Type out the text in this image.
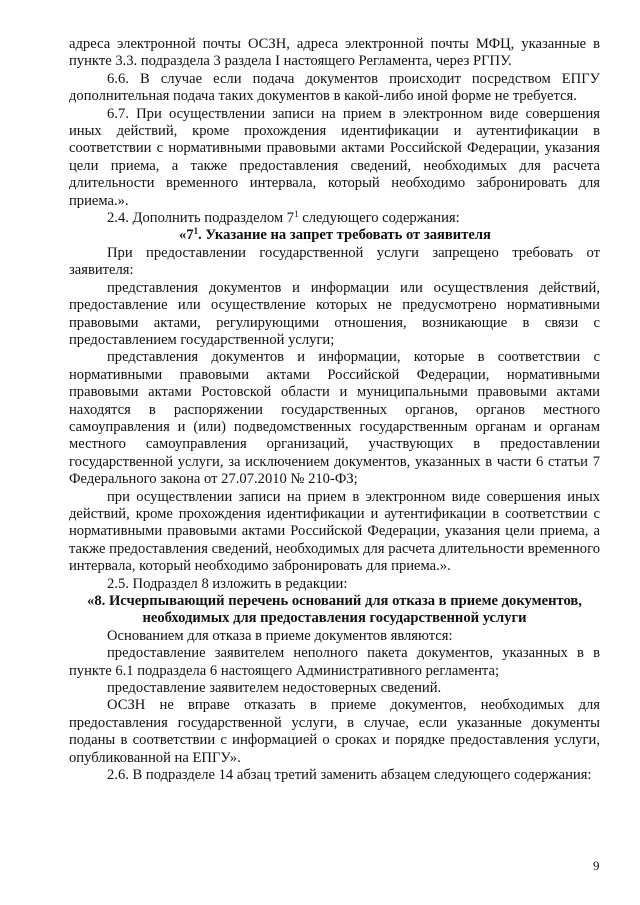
адреса электронной почты ОСЗН, адреса электронной почты МФЦ, указанные в пункте 3.3. подраздела 3 раздела I настоящего Регламента, через РГПУ.

6.6. В случае если подача документов происходит посредством ЕПГУ дополнительная подача таких документов в какой-либо иной форме не требуется.

6.7. При осуществлении записи на прием в электронном виде совершения иных действий, кроме прохождения идентификации и аутентификации в соответствии с нормативными правовыми актами Российской Федерации, указания цели приема, а также предоставления сведений, необходимых для расчета длительности временного интервала, который необходимо забронировать для приема.».

2.4. Дополнить подразделом $7^1$ следующего содержания:

«$7^1$. Указание на запрет требовать от заявителя

При предоставлении государственной услуги запрещено требовать от заявителя:

представления документов и информации или осуществления действий, предоставление или осуществление которых не предусмотрено нормативными правовыми актами, регулирующими отношения, возникающие в связи с предоставлением государственной услуги;

представления документов и информации, которые в соответствии с нормативными правовыми актами Российской Федерации, нормативными правовыми актами Ростовской области и муниципальными правовыми актами находятся в распоряжении государственных органов, органов местного самоуправления и (или) подведомственных государственным органам и органам местного самоуправления организаций, участвующих в предоставлении государственной услуги, за исключением документов, указанных в части 6 статьи 7 Федерального закона от 27.07.2010 № 210-ФЗ;

при осуществлении записи на прием в электронном виде совершения иных действий, кроме прохождения идентификации и аутентификации в соответствии с нормативными правовыми актами Российской Федерации, указания цели приема, а также предоставления сведений, необходимых для расчета длительности временного интервала, который необходимо забронировать для приема.».

2.5. Подраздел 8 изложить в редакции:

«8. Исчерпывающий перечень оснований для отказа в приеме документов, необходимых для предоставления государственной услуги

Основанием для отказа в приеме документов являются:

предоставление заявителем неполного пакета документов, указанных в в пункте 6.1 подраздела 6 настоящего Административного регламента;

предоставление заявителем недостоверных сведений.

ОСЗН не вправе отказать в приеме документов, необходимых для предоставления государственной услуги, в случае, если указанные документы поданы в соответствии с информацией о сроках и порядке предоставления услуги, опубликованной на ЕПГУ».

2.6. В подразделе 14 абзац третий заменить абзацем следующего содержания:

9
